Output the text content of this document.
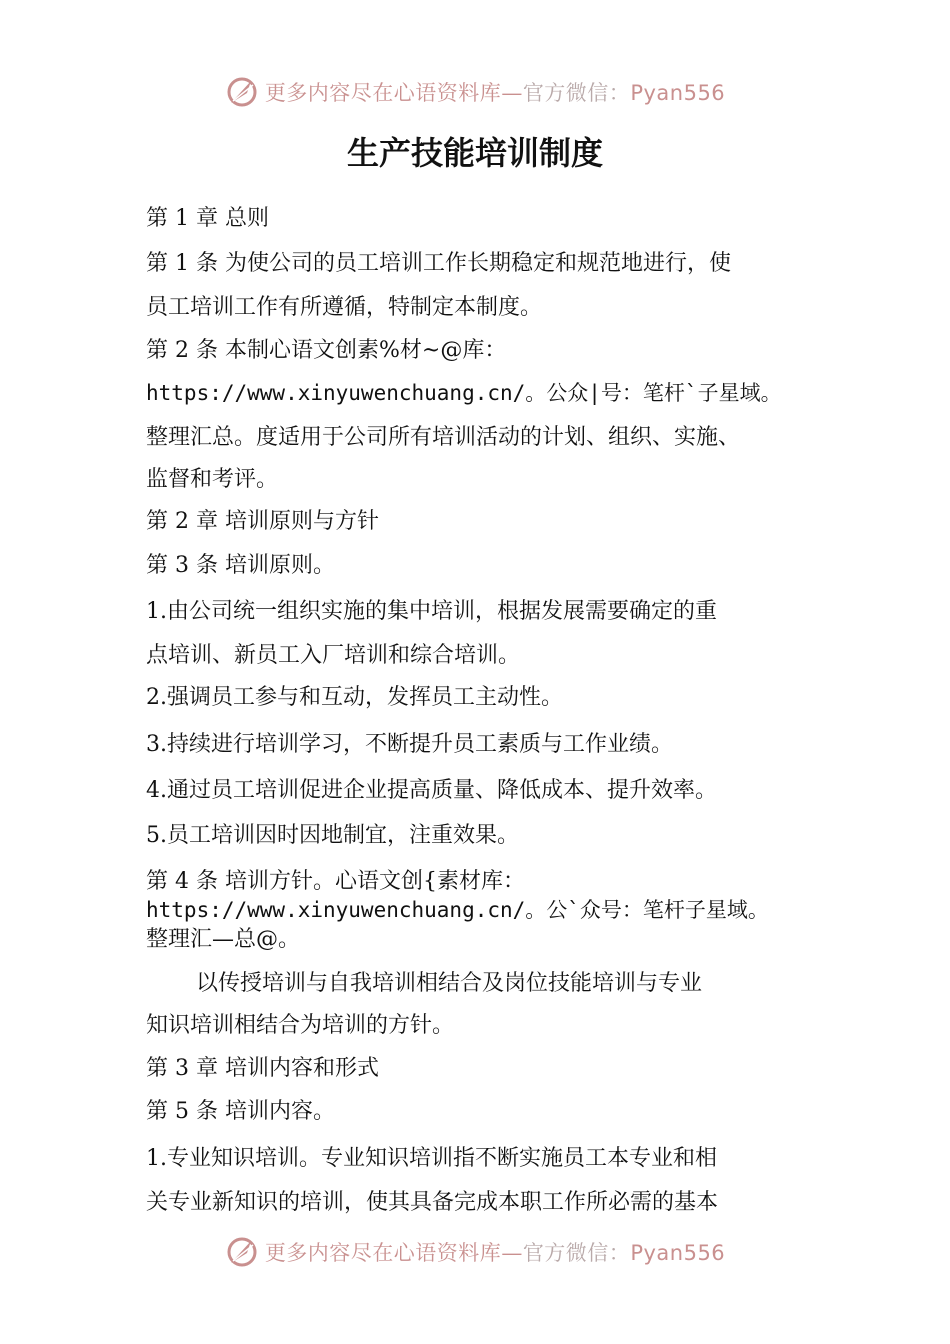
更多内容尽在心语资料库—官方微信：Pyan556
生产技能培训制度
第 1 章 总则
第 1 条 为使公司的员工培训工作长期稳定和规范地进行，使
员工培训工作有所遵循，特制定本制度。
第 2 条 本制心语文创素%材~@库：
https://www.xinyuwenchuang.cn/。公众|号：笔杆`子星域。
整理汇总。度适用于公司所有培训活动的计划、组织、实施、
监督和考评。
第 2 章 培训原则与方针
第 3 条 培训原则。
1.由公司统一组织实施的集中培训，根据发展需要确定的重
点培训、新员工入厂培训和综合培训。
2.强调员工参与和互动，发挥员工主动性。
3.持续进行培训学习，不断提升员工素质与工作业绩。
4.通过员工培训促进企业提高质量、降低成本、提升效率。
5.员工培训因时因地制宜，注重效果。
第 4 条 培训方针。心语文创{素材库：
https://www.xinyuwenchuang.cn/。公`众号：笔杆子星域。
整理汇—总@。
以传授培训与自我培训相结合及岗位技能培训与专业
知识培训相结合为培训的方针。
第 3 章 培训内容和形式
第 5 条 培训内容。
1.专业知识培训。专业知识培训指不断实施员工本专业和相
关专业新知识的培训，使其具备完成本职工作所必需的基本
更多内容尽在心语资料库—官方微信：Pyan556
